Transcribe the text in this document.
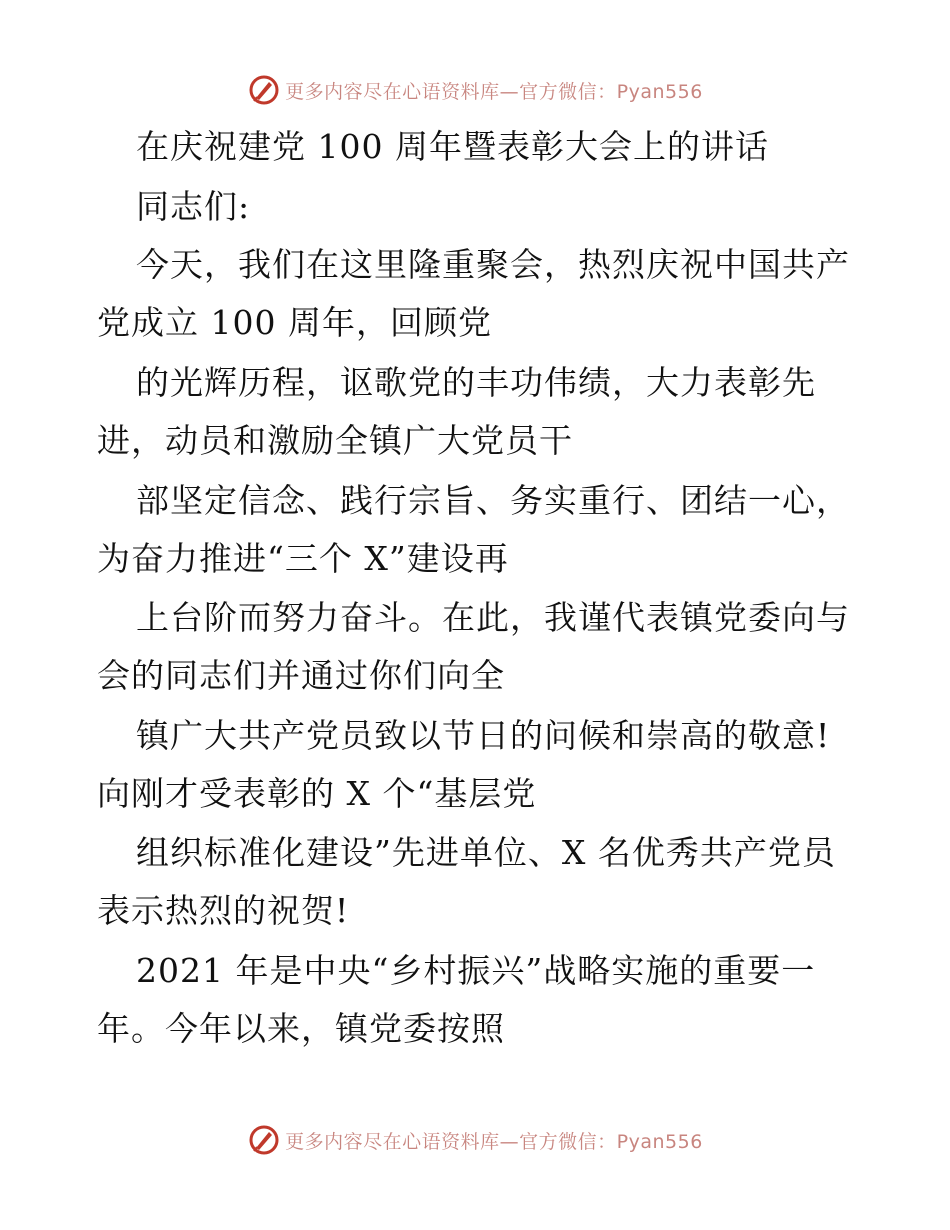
更多内容尽在心语资料库—官方微信：Pyan556
在庆祝建党 100 周年暨表彰大会上的讲话
同志们:
今天，我们在这里隆重聚会，热烈庆祝中国共产
党成立 100 周年，回顾党
的光辉历程，讴歌党的丰功伟绩，大力表彰先
进，动员和激励全镇广大党员干
部坚定信念、践行宗旨、务实重行、团结一心，
为奋力推进“三个 X”建设再
上台阶而努力奋斗。在此，我谨代表镇党委向与
会的同志们并通过你们向全
镇广大共产党员致以节日的问候和崇高的敬意!
向刚才受表彰的 X 个“基层党
组织标准化建设”先进单位、X 名优秀共产党员
表示热烈的祝贺!
2021 年是中央“乡村振兴”战略实施的重要一
年。今年以来，镇党委按照
更多内容尽在心语资料库—官方微信：Pyan556
